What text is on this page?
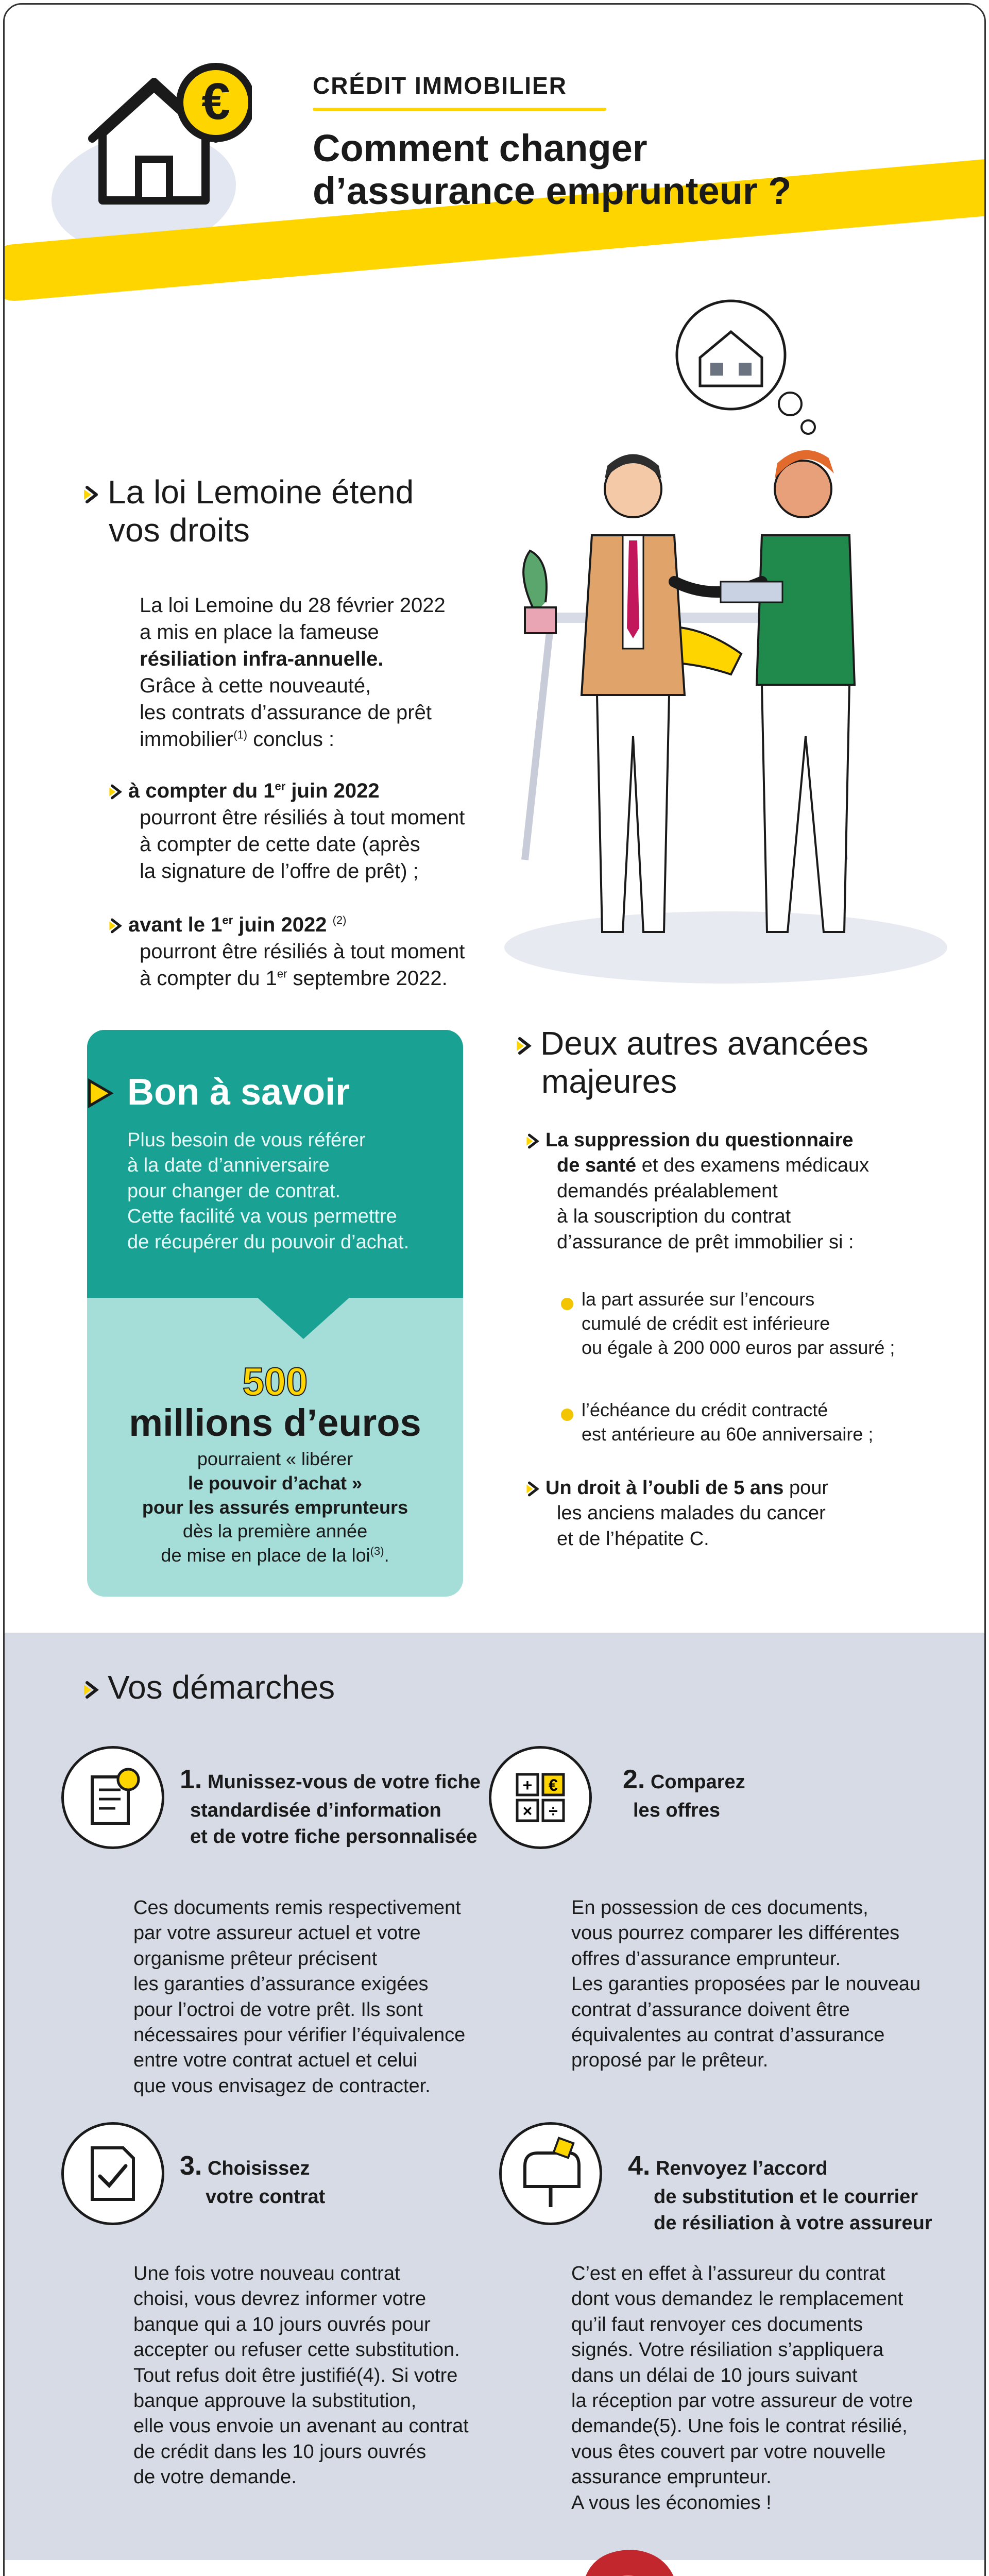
€	CRÉDIT IMMOBILIER
Comment changer
d’assurance emprunteur ?
La loi Lemoine étend
vos droits
La loi Lemoine du 28 février 2022
a mis en place la fameuse
résiliation infra-annuelle.
Grâce à cette nouveauté,
les contrats d’assurance de prêt
immobilier$^{(1)}$ conclus :
à compter du 1er juin 2022
pourront être résiliés à tout moment
à compter de cette date (après
la signature de l’offre de prêt) ;
avant le 1er juin 2022 $^{(2)}$
pourront être résiliés à tout moment
à compter du 1er septembre 2022.
Bon à savoir
Plus besoin de vous référer
à la date d’anniversaire
pour changer de contrat.
Cette facilité va vous permettre
de récupérer du pouvoir d’achat.
500
millions d’euros
pourraient « libérer
le pouvoir d’achat »
pour les assurés emprunteurs
dès la première année
de mise en place de la loi$^{(3)}$.
Deux autres avancées
majeures
La suppression du questionnaire
de santé et des examens médicaux
demandés préalablement
à la souscription du contrat
d’assurance de prêt immobilier si :
la part assurée sur l’encours
cumulé de crédit est inférieure
ou égale à 200 000 euros par assuré ;
l’échéance du crédit contracté
est antérieure au 60e anniversaire ;
Un droit à l’oubli de 5 ans pour
les anciens malades du cancer
et de l’hépatite C.
Vos démarches
1. Munissez-vous de votre fiche
standardisée d’information
et de votre fiche personnalisée
Ces documents remis respectivement
par votre assureur actuel et votre
organisme prêteur précisent
les garanties d’assurance exigées
pour l’octroi de votre prêt. Ils sont
nécessaires pour vérifier l’équivalence
entre votre contrat actuel et celui
que vous envisagez de contracter.
€
+
× ÷
2. Comparez
les offres
En possession de ces documents,
vous pourrez comparer les différentes
offres d’assurance emprunteur.
Les garanties proposées par le nouveau
contrat d’assurance doivent être
équivalentes au contrat d’assurance
proposé par le prêteur.
3. Choisissez
votre contrat
Une fois votre nouveau contrat
choisi, vous devrez informer votre
banque qui a 10 jours ouvrés pour
accepter ou refuser cette substitution.
Tout refus doit être justifié(4). Si votre
banque approuve la substitution,
elle vous envoie un avenant au contrat
de crédit dans les 10 jours ouvrés
de votre demande.
4. Renvoyez l’accord
de substitution et le courrier
de résiliation à votre assureur
C’est en effet à l’assureur du contrat
dont vous demandez le remplacement
qu’il faut renvoyer ces documents
signés. Votre résiliation s’appliquera
dans un délai de 10 jours suivant
la réception par votre assureur de votre
demande(5). Une fois le contrat résilié,
vous êtes couvert par votre nouvelle
assurance emprunteur.
A vous les économies !
